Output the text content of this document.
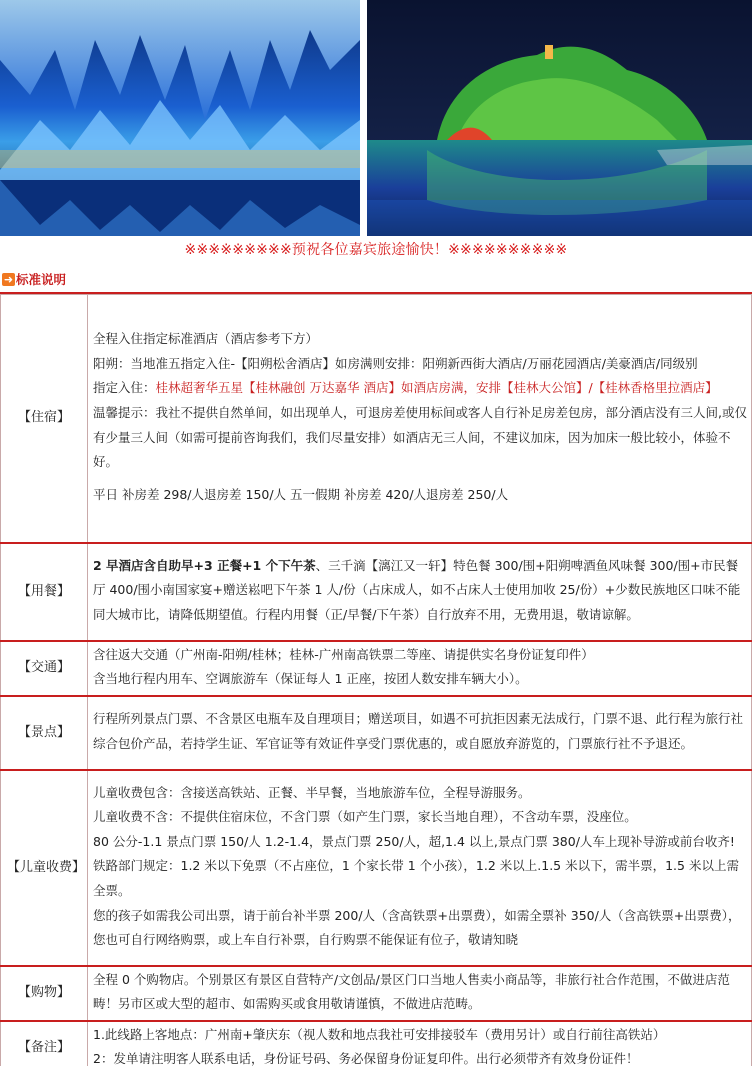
※※※※※※※※※预祝各位嘉宾旅途愉快！※※※※※※※※※※
➜ 标准说明
【住宿】	全程入住指定标准酒店（酒店参考下方）

阳朔：当地准五指定入住-【阳朔松舍酒店】如房满则安排：阳朔新西街大酒店/万丽花园酒店/美豪酒店/同级别

指定入住：桂林超奢华五星【桂林融创 万达嘉华 酒店】如酒店房满，安排【桂林大公馆】/【桂林香格里拉酒店】

温馨提示：我社不提供自然单间，如出现单人，可退房差使用标间或客人自行补足房差包房，部分酒店没有三人间,或仅有少量三人间（如需可提前咨询我们，我们尽量安排）如酒店无三人间，不建议加床，因为加床一般比较小，体验不好。

平日 补房差 298/人退房差 150/人 五一假期 补房差 420/人退房差 250/人

【用餐】	2 早酒店含自助早+3 正餐+1 个下午茶、三千滴【漓江又一轩】特色餐 300/围+阳朔啤酒鱼风味餐 300/围+市民餐厅 400/围小南国家宴+赠送崧吧下午茶 1 人/份（占床成人，如不占床人士使用加收 25/份）+少数民族地区口味不能同大城市比，请降低期望值。行程内用餐（正/早餐/下午茶）自行放弃不用，无费用退，敬请谅解。

【交通】	含往返大交通（广州南-阳朔/桂林；桂林-广州南高铁票二等座、请提供实名身份证复印件）

含当地行程内用车、空调旅游车（保证每人 1 正座，按团人数安排车辆大小）。

【景点】	行程所列景点门票、不含景区电瓶车及自理项目；赠送项目，如遇不可抗拒因素无法成行，门票不退、此行程为旅行社综合包价产品，若持学生证、军官证等有效证件享受门票优惠的，或自愿放弃游览的，门票旅行社不予退还。

【儿童收费】	儿童收费包含：含接送高铁站、正餐、半早餐，当地旅游车位，全程导游服务。

儿童收费不含：不提供住宿床位，不含门票（如产生门票，家长当地自理），不含动车票，没座位。

80 公分-1.1 景点门票 150/人 1.2-1.4，景点门票 250/人，超,1.4 以上,景点门票 380/人车上现补导游或前台收齐!

铁路部门规定：1.2 米以下免票（不占座位，1 个家长带 1 个小孩），1.2 米以上.1.5 米以下，需半票，1.5 米以上需全票。

您的孩子如需我公司出票，请于前台补半票 200/人（含高铁票+出票费），如需全票补 350/人（含高铁票+出票费），您也可自行网络购票，或上车自行补票，自行购票不能保证有位子，敬请知晓

【购物】	全程 0 个购物店。个别景区有景区自营特产/文创品/景区门口当地人售卖小商品等，非旅行社合作范围，不做进店范畴！另市区或大型的超市、如需购买或食用敬请谨慎，不做进店范畴。

【备注】	1.此线路上客地点：广州南+肇庆东（视人数和地点我社可安排接驳车（费用另计）或自行前往高铁站）

2：发单请注明客人联系电话，身份证号码、务必保留身份证复印件。出行必须带齐有效身份证件！
